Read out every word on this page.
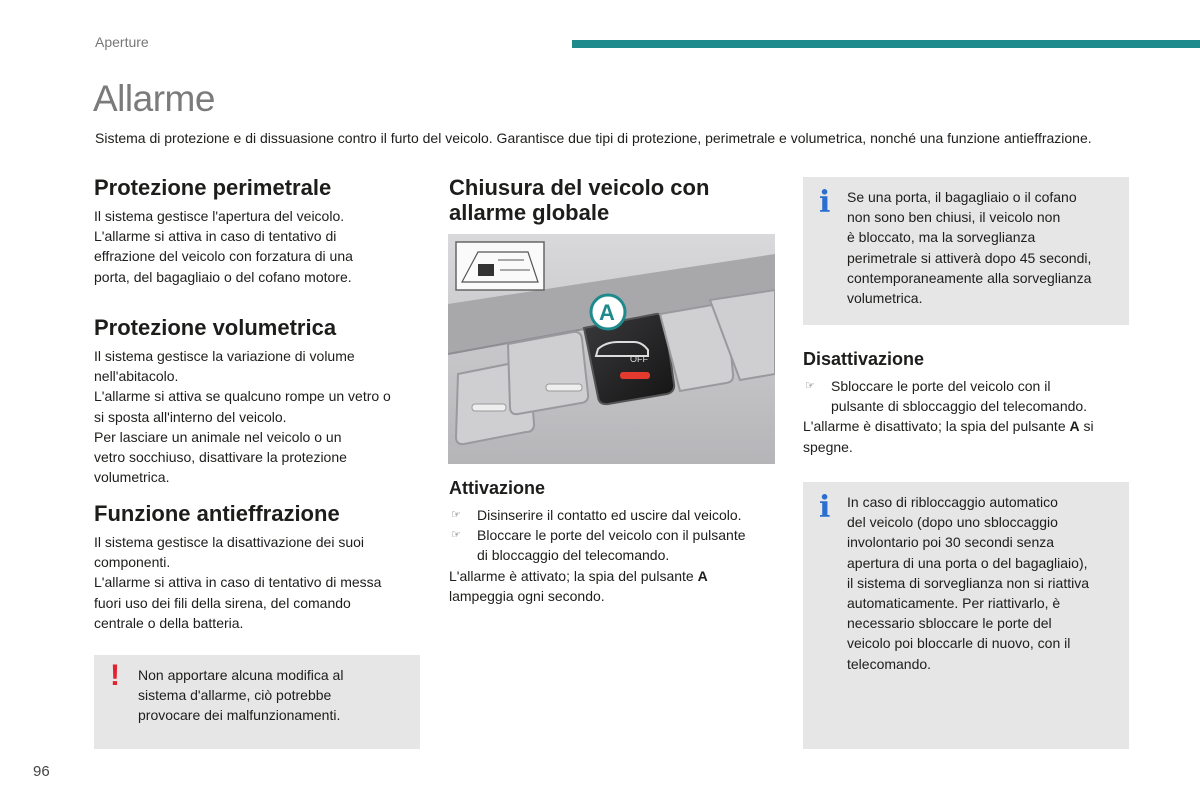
Aperture
Allarme
Sistema di protezione e di dissuasione contro il furto del veicolo. Garantisce due tipi di protezione, perimetrale e volumetrica, nonché una funzione antieffrazione.
Protezione perimetrale

Il sistema gestisce l'apertura del veicolo.

L'allarme si attiva in caso di tentativo di

effrazione del veicolo con forzatura di una

porta, del bagagliaio o del cofano motore.

Protezione volumetrica

Il sistema gestisce la variazione di volume

nell'abitacolo.

L'allarme si attiva se qualcuno rompe un vetro o

si sposta all'interno del veicolo.

Per lasciare un animale nel veicolo o un

vetro socchiuso, disattivare la protezione

volumetrica.

Funzione antieffrazione

Il sistema gestisce la disattivazione dei suoi

componenti.

L'allarme si attiva in caso di tentativo di messa

fuori uso dei fili della sirena, del comando

centrale o della batteria.

! Non apportare alcuna modifica al

sistema d'allarme, ciò potrebbe

provocare dei malfunzionamenti.

Chiusura del veicolo con
allarme globale
OFF
A
Attivazione
☞ Disinserire il contatto ed uscire dal veicolo.
☞ Bloccare le porte del veicolo con il pulsante
di bloccaggio del telecomando.

L'allarme è attivato; la spia del pulsante A

lampeggia ogni secondo.

i Se una porta, il bagagliaio o il cofano

non sono ben chiusi, il veicolo non

è bloccato, ma la sorveglianza

perimetrale si attiverà dopo 45 secondi,

contemporaneamente alla sorveglianza

volumetrica.

Disattivazione
☞ Sbloccare le porte del veicolo con il
pulsante di sbloccaggio del telecomando.

L'allarme è disattivato; la spia del pulsante A si

spegne.

i In caso di ribloccaggio automatico

del veicolo (dopo uno sbloccaggio

involontario poi 30 secondi senza

apertura di una porta o del bagagliaio),

il sistema di sorveglianza non si riattiva

automaticamente. Per riattivarlo, è

necessario sbloccare le porte del

veicolo poi bloccarle di nuovo, con il

telecomando.

96
